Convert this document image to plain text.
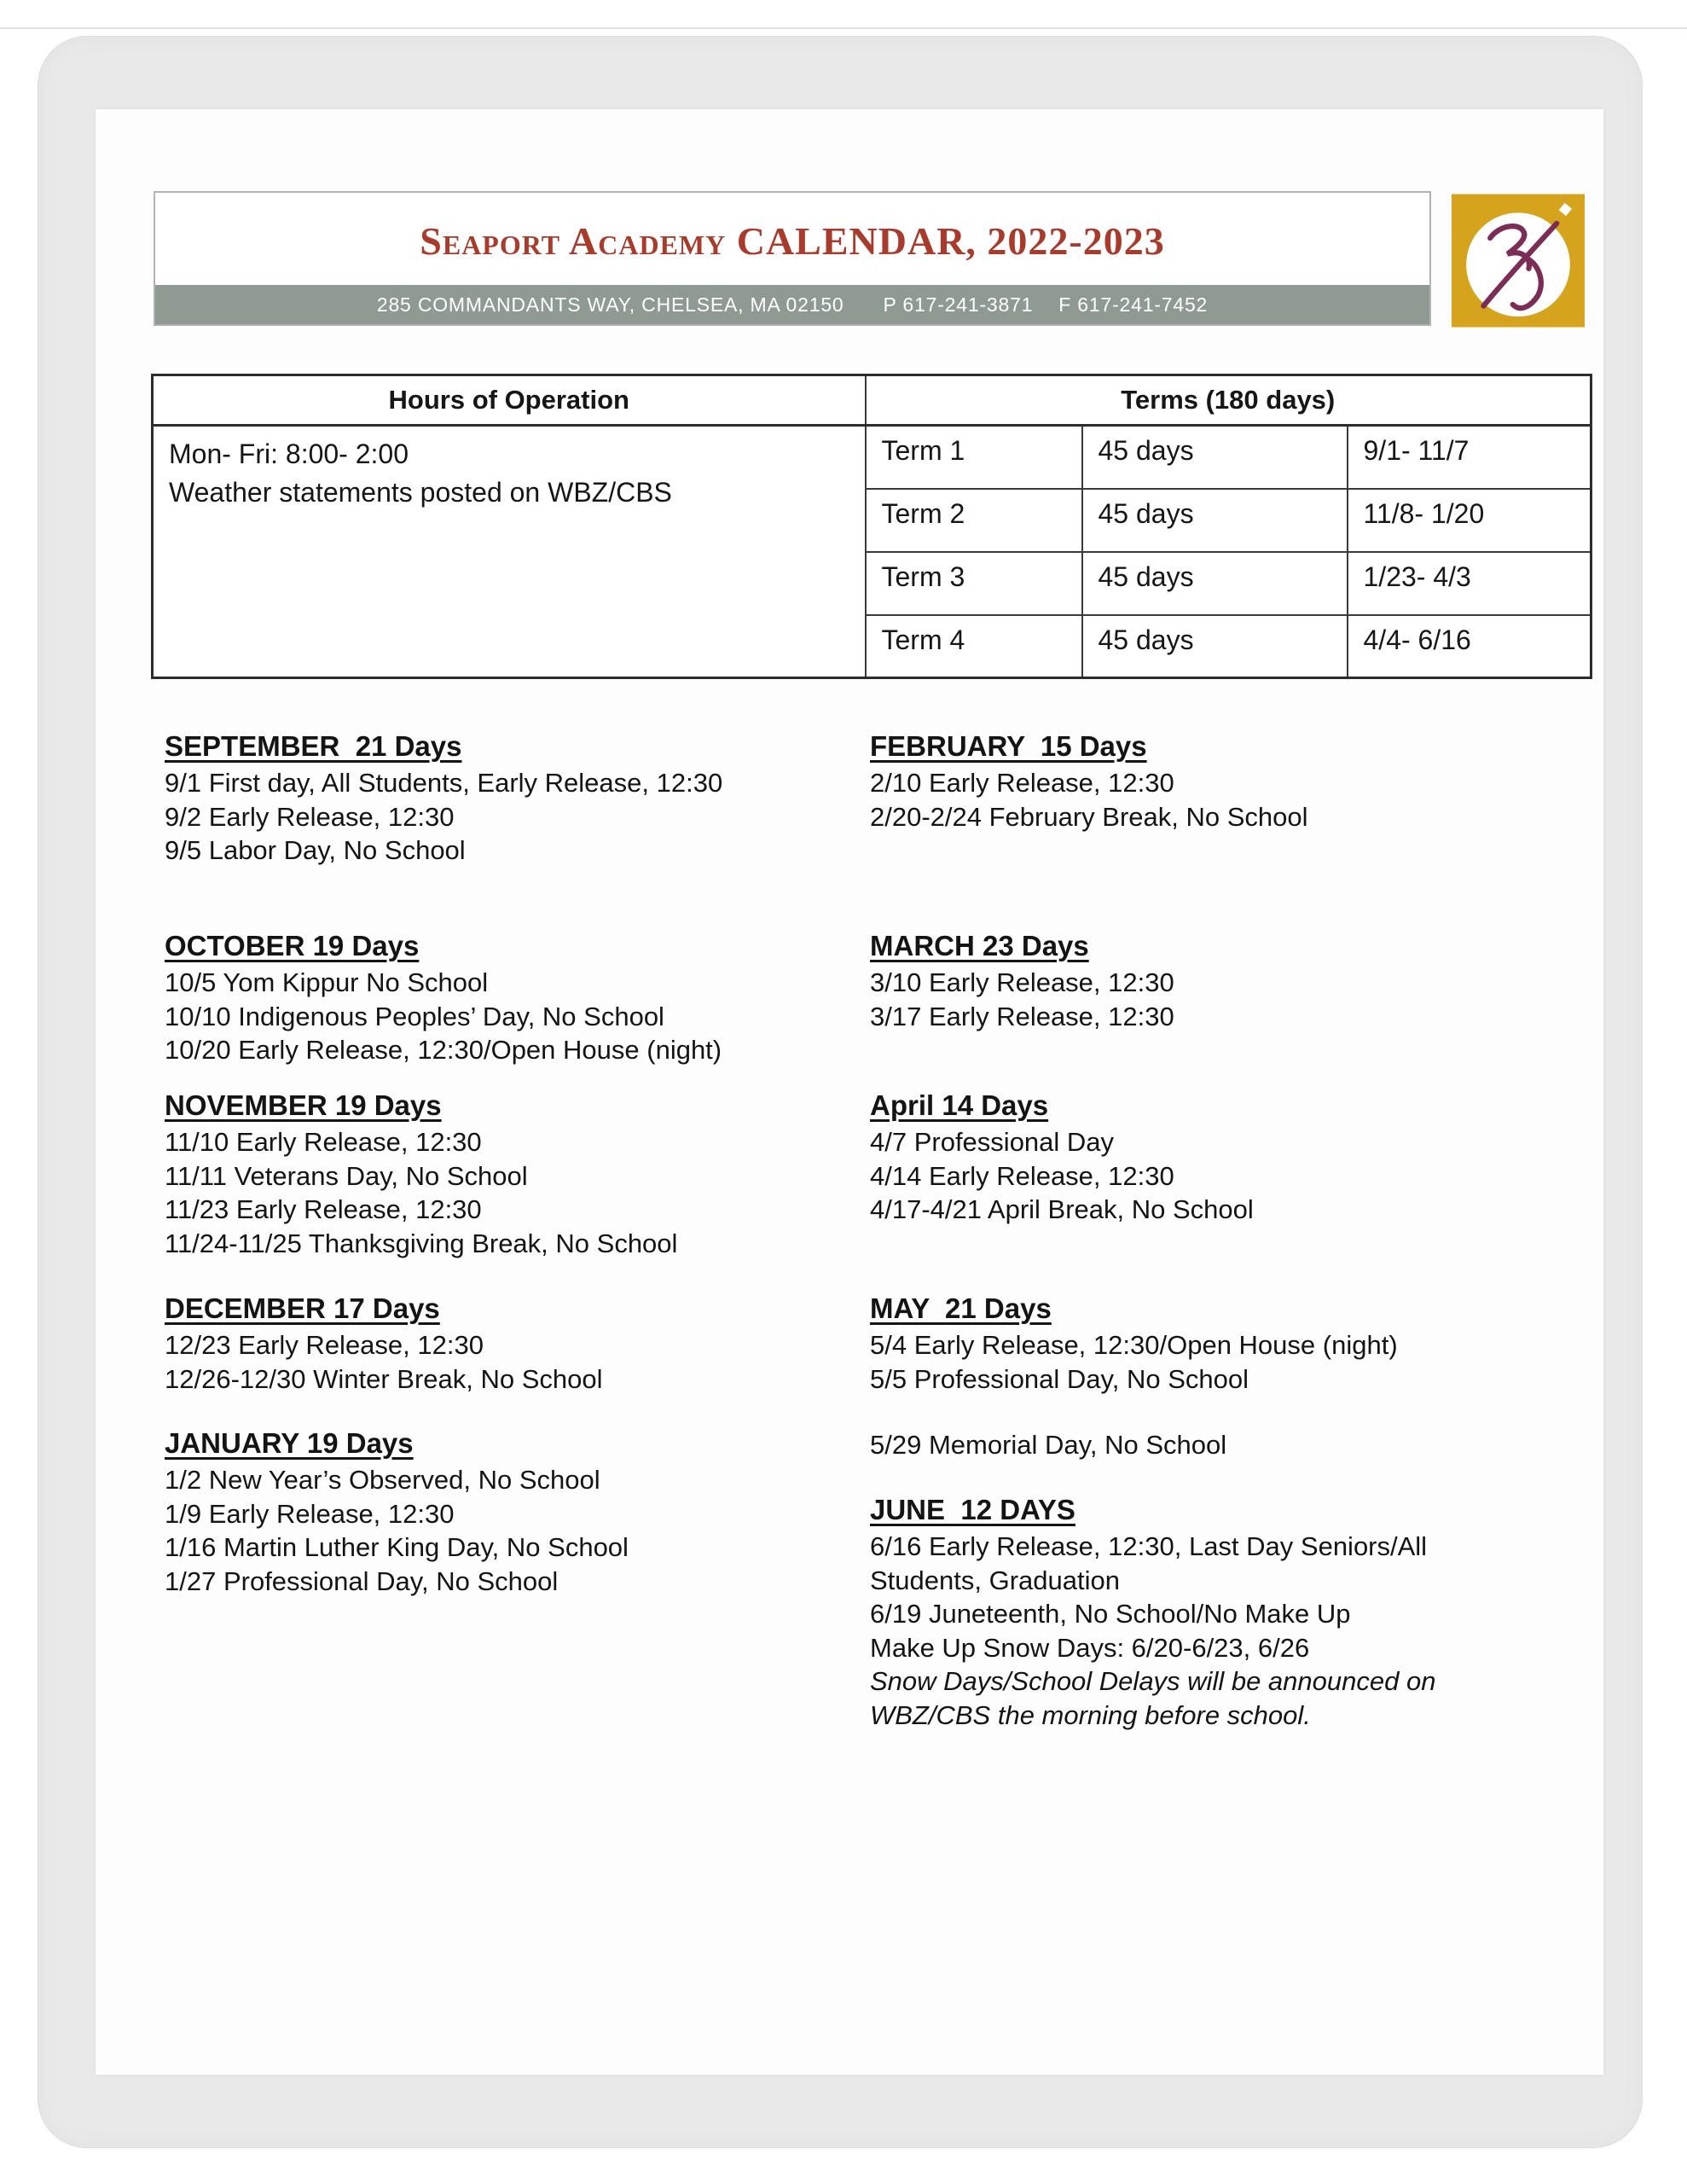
Seaport Academy CALENDAR, 2022-2023
285 COMMANDANTS WAY, CHELSEA, MA 02150 P 617-241-3871 F 617-241-7452
Hours of Operation	Terms (180 days)		
Mon- Fri: 8:00- 2:00
Weather statements posted on WBZ/CBS	Term 1	45 days	9/1- 11/7
	Term 2	45 days	11/8- 1/20
	Term 3	45 days	1/23- 4/3
	Term 4	45 days	4/4- 6/16
SEPTEMBER  21 Days

9/1 First day, All Students, Early Release, 12:30

9/2 Early Release, 12:30

9/5 Labor Day, No School

OCTOBER 19 Days

10/5 Yom Kippur No School

10/10 Indigenous Peoples’ Day, No School

10/20 Early Release, 12:30/Open House (night)

NOVEMBER 19 Days

11/10 Early Release, 12:30

11/11 Veterans Day, No School

11/23 Early Release, 12:30

11/24-11/25 Thanksgiving Break, No School

DECEMBER 17 Days

12/23 Early Release, 12:30

12/26-12/30 Winter Break, No School

JANUARY 19 Days

1/2 New Year’s Observed, No School

1/9 Early Release, 12:30

1/16 Martin Luther King Day, No School

1/27 Professional Day, No School

FEBRUARY  15 Days

2/10 Early Release, 12:30

2/20-2/24 February Break, No School

MARCH 23 Days

3/10 Early Release, 12:30

3/17 Early Release, 12:30

April 14 Days

4/7 Professional Day

4/14 Early Release, 12:30

4/17-4/21 April Break, No School

MAY  21 Days

5/4 Early Release, 12:30/Open House (night)

5/5 Professional Day, No School

5/29 Memorial Day, No School

JUNE  12 DAYS

6/16 Early Release, 12:30, Last Day Seniors/All

Students, Graduation

6/19 Juneteenth, No School/No Make Up

Make Up Snow Days: 6/20-6/23, 6/26

Snow Days/School Delays will be announced on

WBZ/CBS the morning before school.
